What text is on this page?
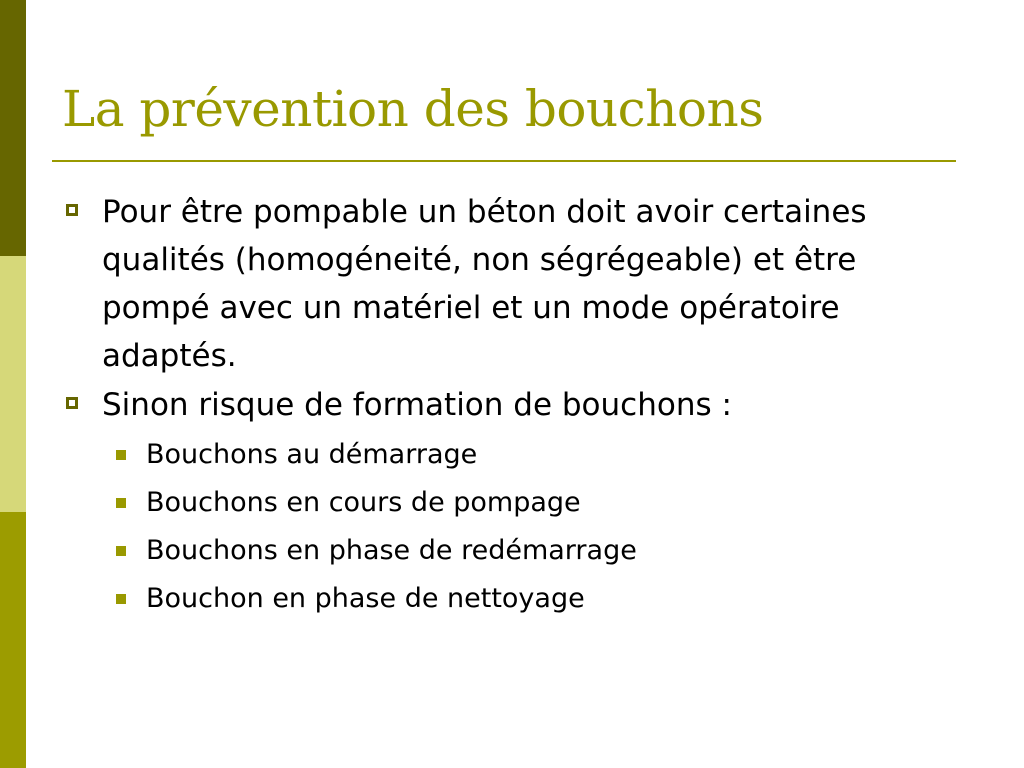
La prévention des bouchons
Pour être pompable un béton doit avoir certaines qualités (homogéneité, non ségrégeable) et être pompé avec un matériel et un mode opératoire adaptés.
Sinon risque de formation de bouchons :
Bouchons au démarrage
Bouchons en cours de pompage
Bouchons en phase de redémarrage
Bouchon en phase de nettoyage
